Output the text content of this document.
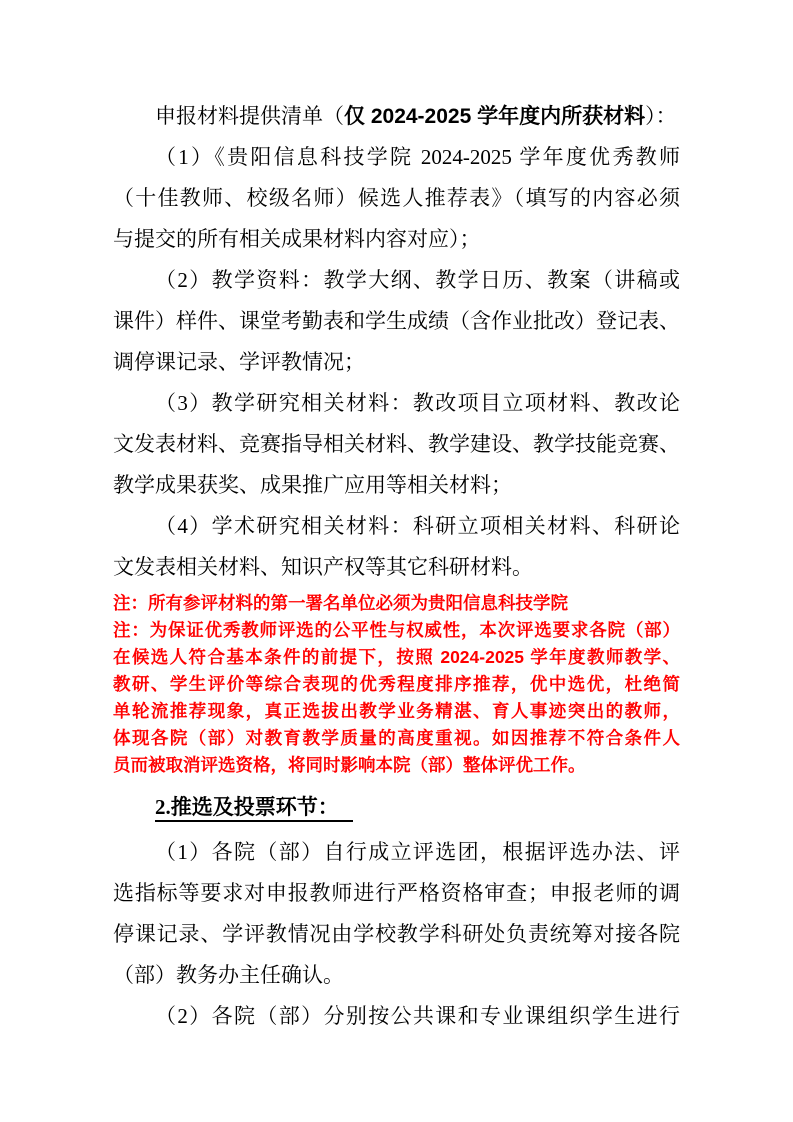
申报材料提供清单（仅 2024-2025 学年度内所获材料）：
（1）《贵阳信息科技学院 2024-2025 学年度优秀教师
（十佳教师、校级名师）候选人推荐表》（填写的内容必须
与提交的所有相关成果材料内容对应）；
（2）教学资料：教学大纲、教学日历、教案（讲稿或
课件）样件、课堂考勤表和学生成绩（含作业批改）登记表、
调停课记录、学评教情况；
（3）教学研究相关材料：教改项目立项材料、教改论
文发表材料、竞赛指导相关材料、教学建设、教学技能竞赛、
教学成果获奖、成果推广应用等相关材料；
（4）学术研究相关材料：科研立项相关材料、科研论
文发表相关材料、知识产权等其它科研材料。
注：所有参评材料的第一署名单位必须为贵阳信息科技学院
注：为保证优秀教师评选的公平性与权威性，本次评选要求各院（部）
在候选人符合基本条件的前提下，按照 2024-2025 学年度教师教学、
教研、学生评价等综合表现的优秀程度排序推荐，优中选优，杜绝简
单轮流推荐现象，真正选拔出教学业务精湛、育人事迹突出的教师，
体现各院（部）对教育教学质量的高度重视。如因推荐不符合条件人
员而被取消评选资格，将同时影响本院（部）整体评优工作。
2.推选及投票环节：
（1）各院（部）自行成立评选团，根据评选办法、评
选指标等要求对申报教师进行严格资格审查；申报老师的调
停课记录、学评教情况由学校教学科研处负责统筹对接各院
（部）教务办主任确认。
（2）各院（部）分别按公共课和专业课组织学生进行
